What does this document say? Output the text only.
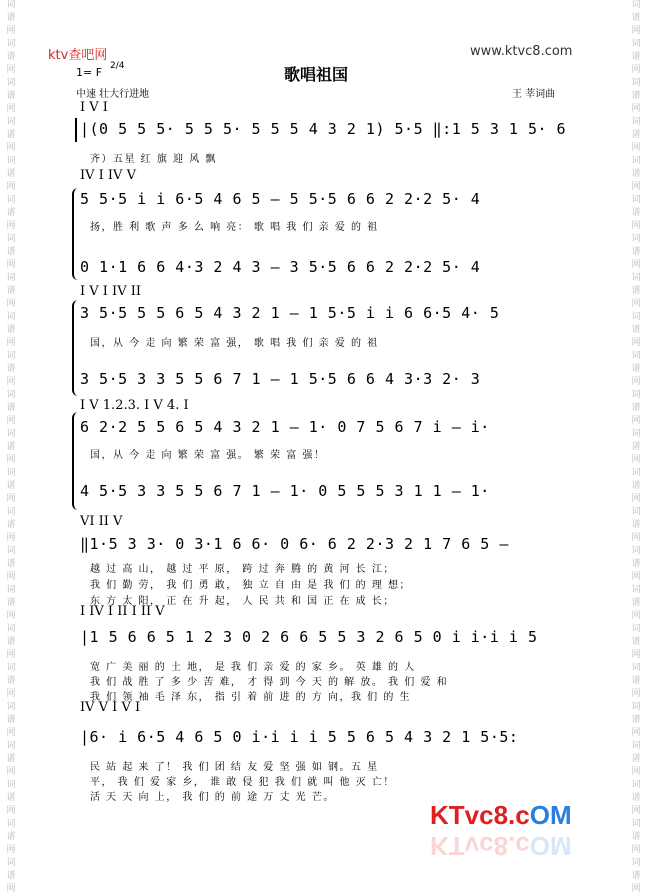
词
谱
网
词
谱
网
词
谱
网
词
谱
网
词
谱
网
词
谱
网
词
谱
网
词
谱
网
词
谱
网
词
谱
网
词
谱
网
词
谱
网
词
谱
网
词
谱
网
词
谱
网
词
谱
网
词
谱
网
词
谱
网
词
谱
网
词
谱
网
词
谱
网
词
谱
网
词
谱
网
词
谱
网
词
谱
网
词
谱
网
词
谱
网
词
谱
网
词
谱
网
词
谱
网
词
谱
网
词
谱
网
词
谱
网
词
谱
网
词
谱
网
词
谱
网
词
谱
网
词
谱
网
词
谱
网
词
谱
网
词
谱
网
词
谱
网
词
谱
网
词
谱
网
词
谱
网
词
谱
网
ktv查吧网	www.ktvc8.com
1= F 2/4	歌唱祖国
中速 壮大行进地	王 莘词曲
I V I
|(0 5 5 5· 5 5 5· 5 5 5 4 3 2 1) 5·5 ‖:1 5 3 1 5· 6
齐）五星 红 旗 迎 风 飘
IV I IV V
5 5·5 i i 6·5 4 6 5 — 5 5·5 6 6 2 2·2 5· 4
扬，胜 利 歌 声 多 么 响 亮： 歌 唱 我 们 亲 爱 的 祖
0 1·1 6 6 4·3 2 4 3 — 3 5·5 6 6 2 2·2 5· 4
I V I IV II
3 5·5 5 5 6 5 4 3 2 1 — 1 5·5 i i 6 6·5 4· 5
国，从 今 走 向 繁 荣 富 强， 歌 唱 我 们 亲 爱 的 祖
3 5·5 3 3 5 5 6 7 1 — 1 5·5 6 6 4 3·3 2· 3
I V 1.2.3. I V 4. I
6 2·2 5 5 6 5 4 3 2 1 — 1· 0 7 5 6 7 i — i·
国，从 今 走 向 繁 荣 富 强。 繁 荣 富 强！
4 5·5 3 3 5 5 6 7 1 — 1· 0 5 5 5 3 1 1 — 1·
VI II V
‖1·5 3 3· 0 3·1 6 6· 0 6· 6 2 2·3 2 1 7 6 5 —
越 过 高 山， 越 过 平 原， 跨 过 奔 腾 的 黄 河 长 江；
我 们 勤 劳， 我 们 勇 敢， 独 立 自 由 是 我 们 的 理 想；
东 方 太 阳， 正 在 升 起， 人 民 共 和 国 正 在 成 长；
I IV I II I II V
|1 5 6 6 5 1 2 3 0 2 6 6 5 5 3 2 6 5 0 i i·i i 5
宽 广 美 丽 的 土 地， 是 我 们 亲 爱 的 家 乡。 英 雄 的 人
我 们 战 胜 了 多 少 苦 难， 才 得 到 今 天 的 解 放。 我 们 爱 和
我 们 领 袖 毛 泽 东， 指 引 着 前 进 的 方 向，我 们 的 生
IV V I V I
|6· i 6·5 4 6 5 0 i·i i i 5 5 6 5 4 3 2 1 5·5:
民 站 起 来 了！ 我 们 团 结 友 爱 坚 强 如 钢。五 星
平， 我 们 爱 家 乡， 谁 敢 侵 犯 我 们 就 叫 他 灭 亡！
活 天 天 向 上， 我 们 的 前 途 万 丈 光 芒。
KTvc8.cOM
KTvc8.cOM
